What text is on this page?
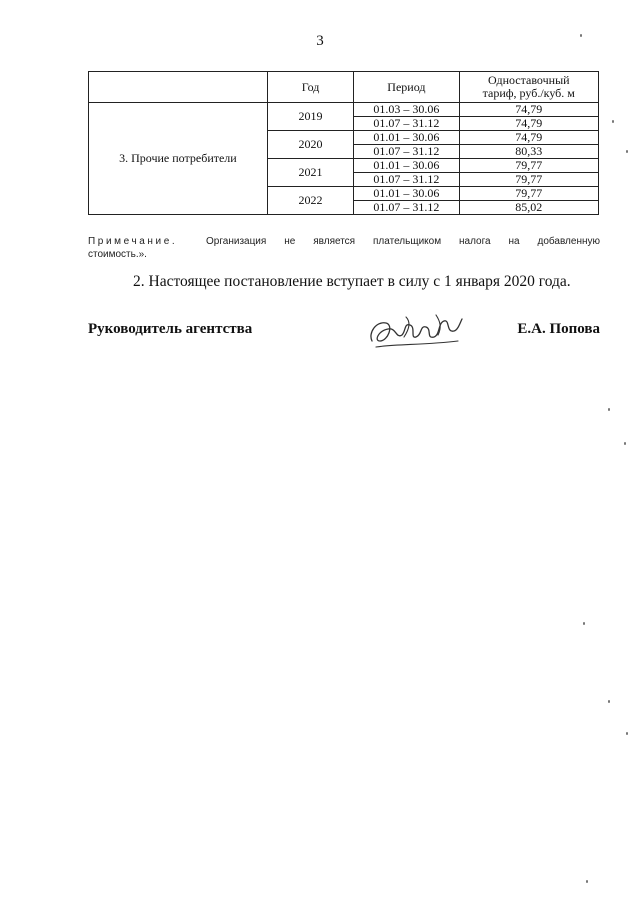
3
	Год	Период	Одноставочный
тариф, руб./куб. м

3. Прочие потребители	2019	01.03 – 30.06	74,79
		01.07 – 31.12	74,79
	2020	01.01 – 30.06	74,79
		01.07 – 31.12	80,33
	2021	01.01 – 30.06	79,77
		01.07 – 31.12	79,77
	2022	01.01 – 30.06	79,77
		01.07 – 31.12	85,02
Примечание.	Организация не является плательщиком налога на добавленную
стоимость.».
2. Настоящее постановление вступает в силу с 1 января 2020 года.
Руководитель агентства	Е.А. Попова
